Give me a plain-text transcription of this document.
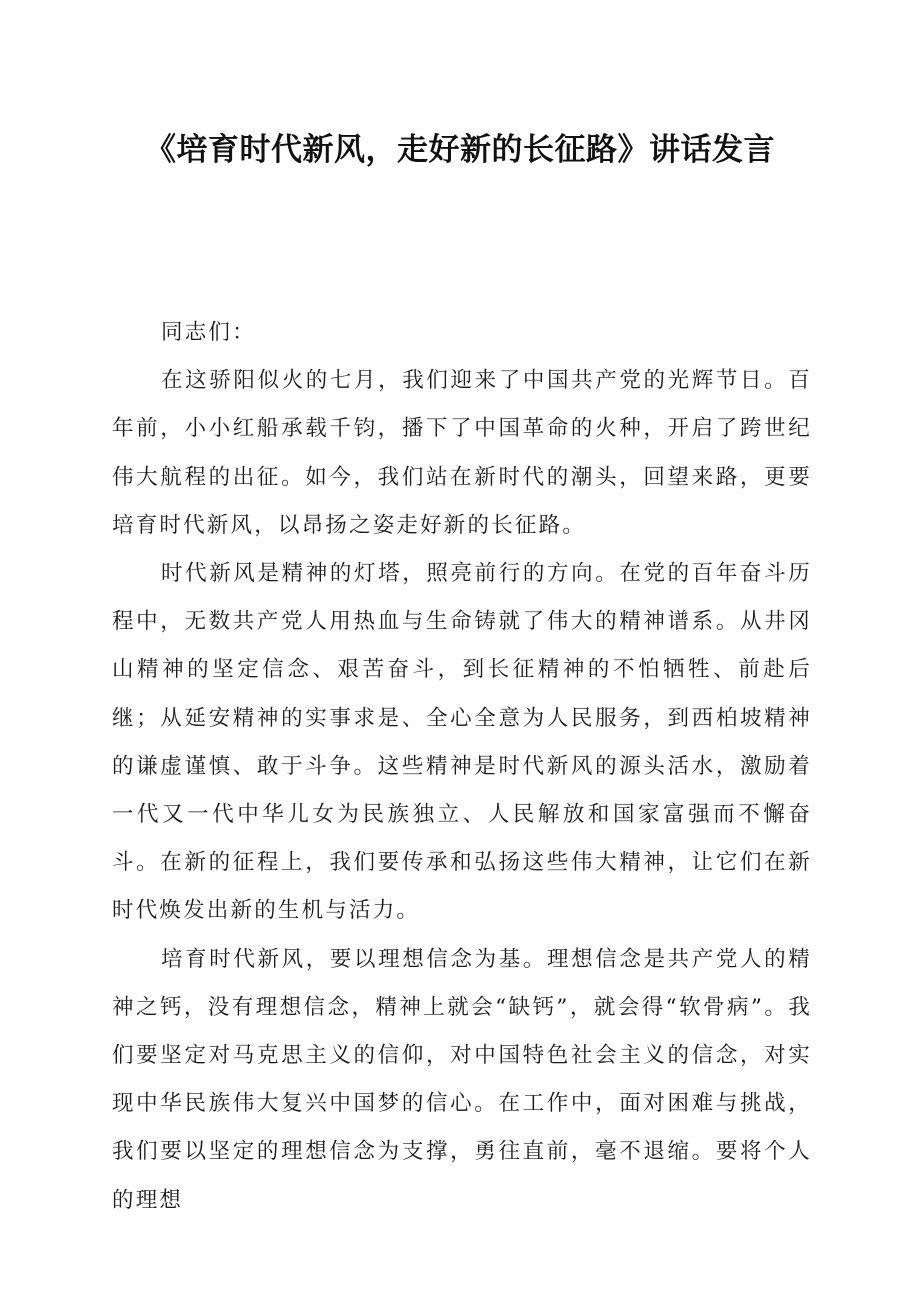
《培育时代新风，走好新的长征路》讲话发言

同志们：

在这骄阳似火的七月，我们迎来了中国共产党的光辉节日。百年前，小小红船承载千钧，播下了中国革命的火种，开启了跨世纪伟大航程的出征。如今，我们站在新时代的潮头，回望来路，更要培育时代新风，以昂扬之姿走好新的长征路。

时代新风是精神的灯塔，照亮前行的方向。在党的百年奋斗历程中，无数共产党人用热血与生命铸就了伟大的精神谱系。从井冈山精神的坚定信念、艰苦奋斗，到长征精神的不怕牺牲、前赴后继；从延安精神的实事求是、全心全意为人民服务，到西柏坡精神的谦虚谨慎、敢于斗争。这些精神是时代新风的源头活水，激励着一代又一代中华儿女为民族独立、人民解放和国家富强而不懈奋斗。在新的征程上，我们要传承和弘扬这些伟大精神，让它们在新时代焕发出新的生机与活力。

培育时代新风，要以理想信念为基。理想信念是共产党人的精神之钙，没有理想信念，精神上就会“缺钙”，就会得“软骨病”。我们要坚定对马克思主义的信仰，对中国特色社会主义的信念，对实现中华民族伟大复兴中国梦的信心。在工作中，面对困难与挑战，我们要以坚定的理想信念为支撑，勇往直前，毫不退缩。要将个人的理想
